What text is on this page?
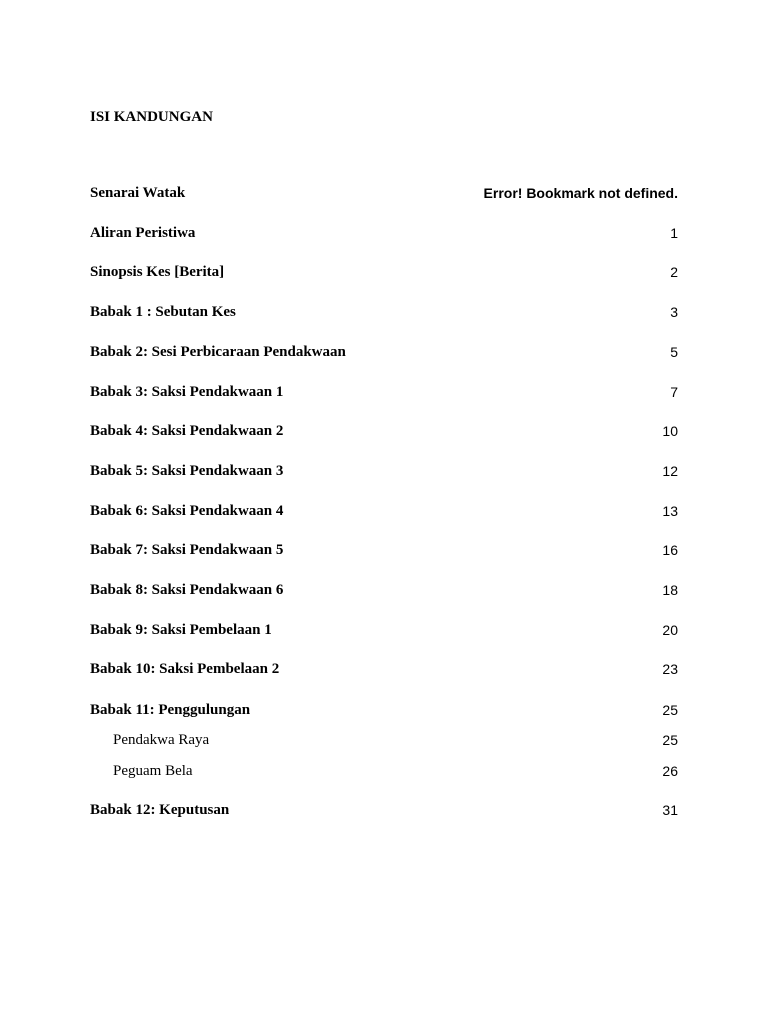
ISI KANDUNGAN
Senarai Watak	Error! Bookmark not defined.
Aliran Peristiwa	1
Sinopsis Kes [Berita]	2
Babak 1 : Sebutan Kes	3
Babak 2: Sesi Perbicaraan Pendakwaan	5
Babak 3: Saksi Pendakwaan 1	7
Babak 4: Saksi Pendakwaan 2	10
Babak 5: Saksi Pendakwaan 3	12
Babak 6: Saksi Pendakwaan 4	13
Babak 7: Saksi Pendakwaan 5	16
Babak 8: Saksi Pendakwaan 6	18
Babak 9: Saksi Pembelaan 1	20
Babak 10: Saksi Pembelaan 2	23
Babak 11: Penggulungan	25
Pendakwa Raya	25
Peguam Bela	26
Babak 12: Keputusan	31
